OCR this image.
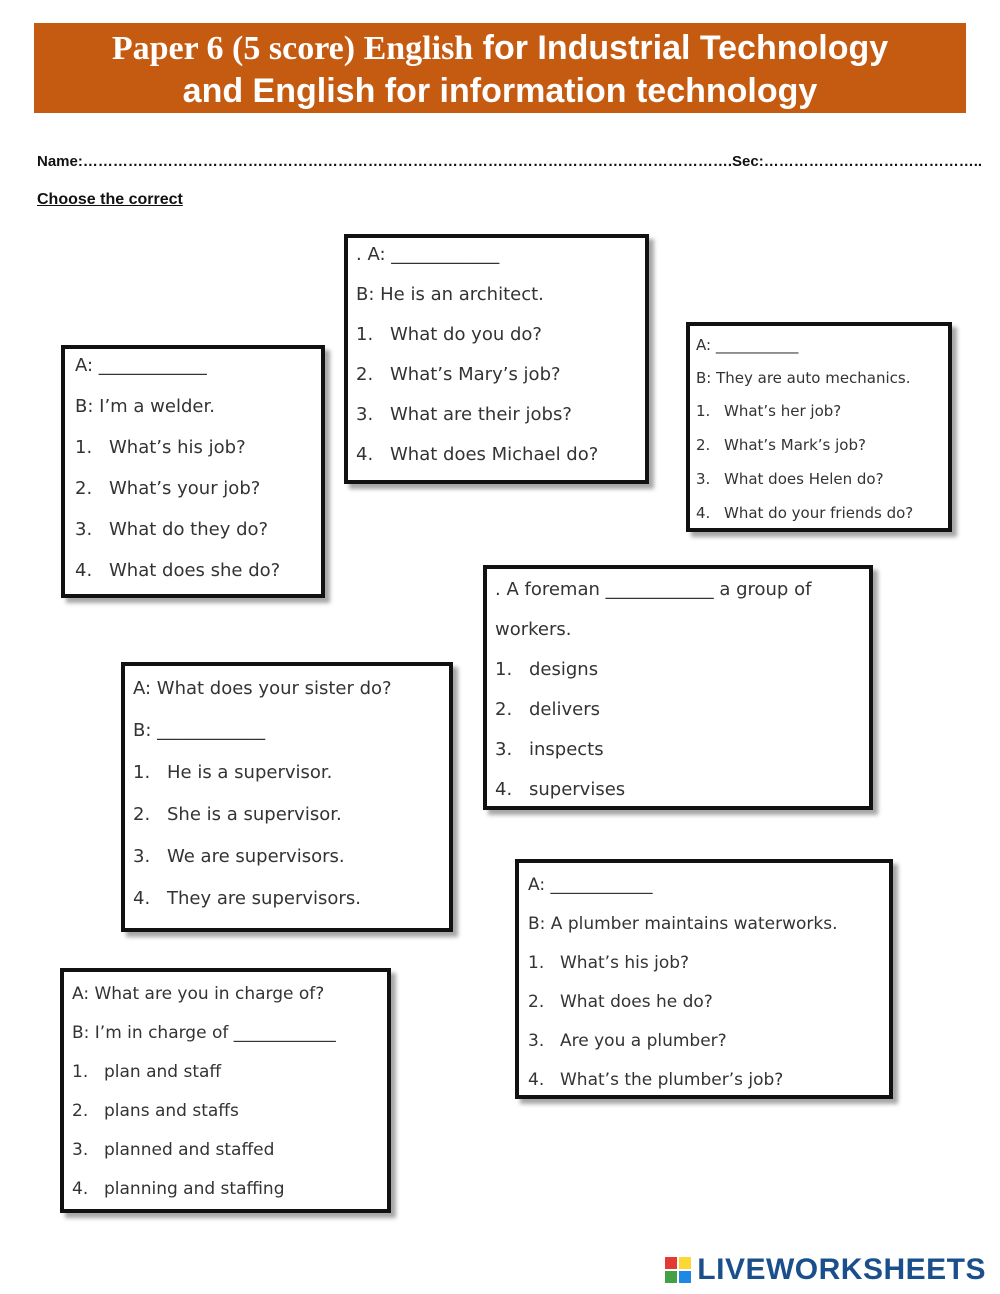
Paper 6 (5 score) English for Industrial Technology
and English for information technology
Name:………………………………………………………………………………………………………………….Sec:……………………………………..
Choose the correct
A: ____________
B: I’m a welder.
1. What’s his job?
2. What’s your job?
3. What do they do?
4. What does she do?
. A: ____________
B: He is an architect.
1. What do you do?
2. What’s Mary’s job?
3. What are their jobs?
4. What does Michael do?
A: ___________
B: They are auto mechanics.
1. What’s her job?
2. What’s Mark’s job?
3. What does Helen do?
4. What do your friends do?
. A foreman ____________ a group of
workers.
1. designs
2. delivers
3. inspects
4. supervises
A: What does your sister do?
B: ____________
1. He is a supervisor.
2. She is a supervisor.
3. We are supervisors.
4. They are supervisors.
A: ____________
B: A plumber maintains waterworks.
1. What’s his job?
2. What does he do?
3. Are you a plumber?
4. What’s the plumber’s job?
A: What are you in charge of?
B: I’m in charge of ____________
1. plan and staff
2. plans and staffs
3. planned and staffed
4. planning and staffing
LIVEWORKSHEETS
